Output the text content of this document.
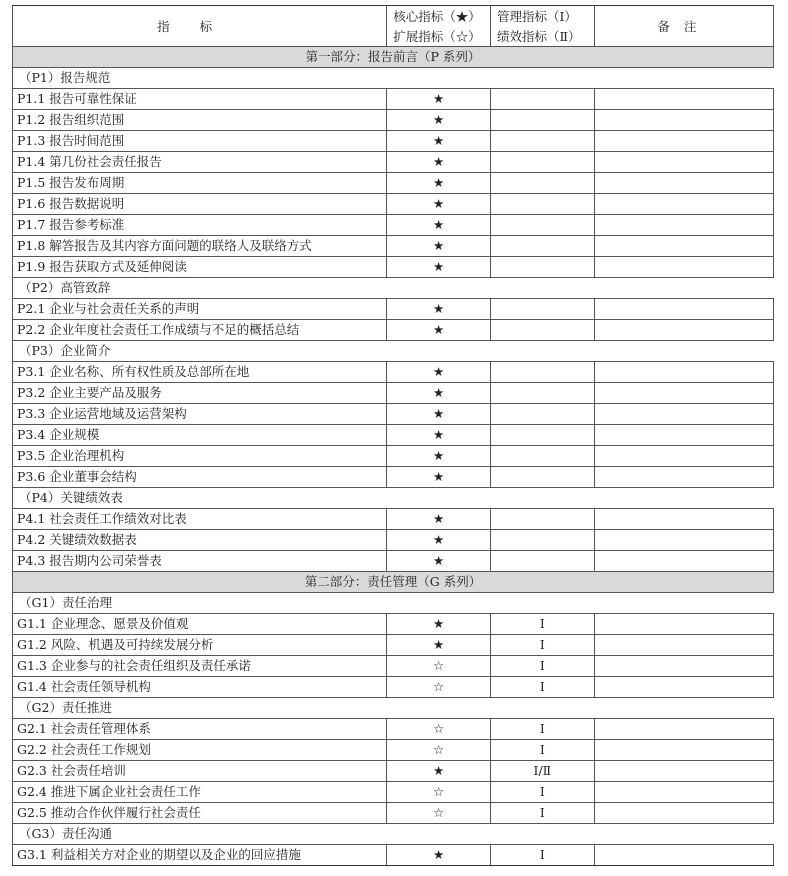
指标	核心指标（★）	管理指标（Ⅰ）	备注
	扩展指标（☆）	绩效指标（Ⅱ）	
第一部分：报告前言（P 系列）			
（P1）报告规范			
P1.1 报告可靠性保证	★		
P1.2 报告组织范围	★		
P1.3 报告时间范围	★		
P1.4 第几份社会责任报告	★		
P1.5 报告发布周期	★		
P1.6 报告数据说明	★		
P1.7 报告参考标准	★		
P1.8 解答报告及其内容方面问题的联络人及联络方式	★		
P1.9 报告获取方式及延伸阅读	★		
（P2）高管致辞			
P2.1 企业与社会责任关系的声明	★		
P2.2 企业年度社会责任工作成绩与不足的概括总结	★		
（P3）企业简介			
P3.1 企业名称、所有权性质及总部所在地	★		
P3.2 企业主要产品及服务	★		
P3.3 企业运营地域及运营架构	★		
P3.4 企业规模	★		
P3.5 企业治理机构	★		
P3.6 企业董事会结构	★		
（P4）关键绩效表			
P4.1 社会责任工作绩效对比表	★		
P4.2 关键绩效数据表	★		
P4.3 报告期内公司荣誉表	★		
第二部分：责任管理（G 系列）			
（G1）责任治理			
G1.1 企业理念、愿景及价值观	★	Ⅰ	
G1.2 风险、机遇及可持续发展分析	★	Ⅰ	
G1.3 企业参与的社会责任组织及责任承诺	☆	Ⅰ	
G1.4 社会责任领导机构	☆	Ⅰ	
（G2）责任推进			
G2.1 社会责任管理体系	☆	Ⅰ	
G2.2 社会责任工作规划	☆	Ⅰ	
G2.3 社会责任培训	★	Ⅰ/Ⅱ	
G2.4 推进下属企业社会责任工作	☆	Ⅰ	
G2.5 推动合作伙伴履行社会责任	☆	Ⅰ	
（G3）责任沟通			
G3.1 利益相关方对企业的期望以及企业的回应措施	★	Ⅰ	
